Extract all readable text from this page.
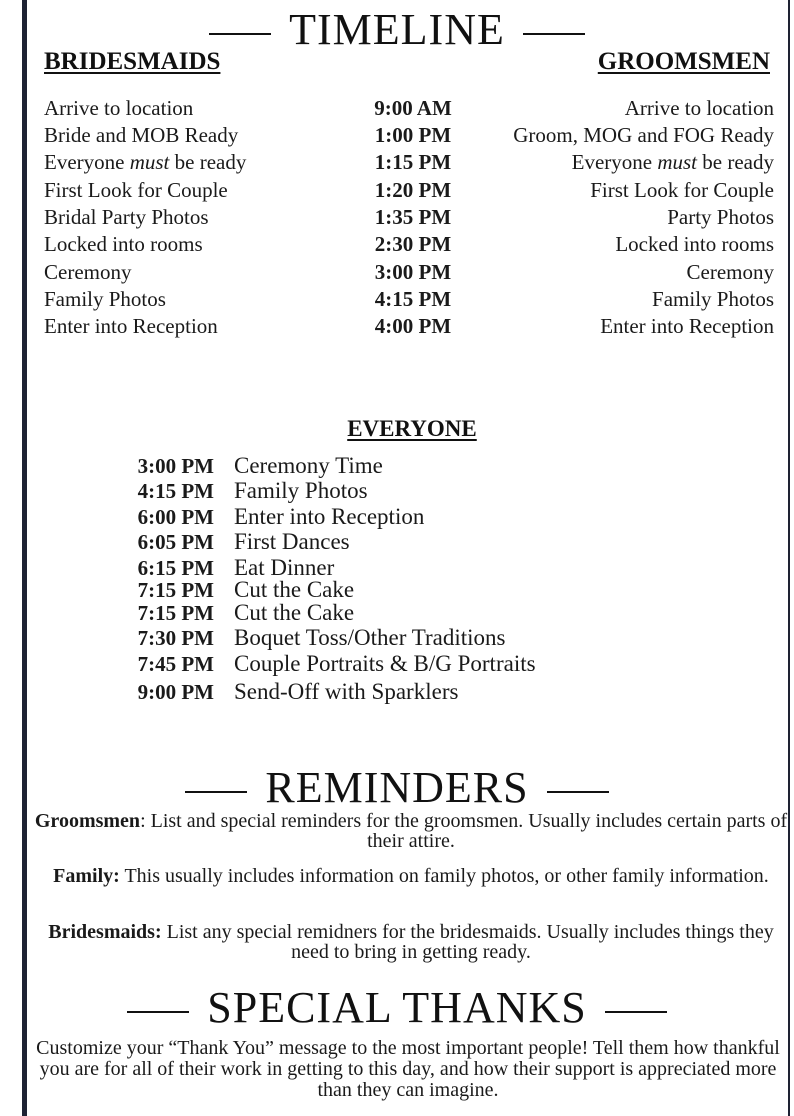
TIMELINE
BRIDESMAIDS	GROOMSMEN
Arrive to location	9:00 AM	Arrive to location
Bride and MOB Ready	1:00 PM	Groom, MOG and FOG Ready
Everyone must be ready	1:15 PM	Everyone must be ready
First Look for Couple	1:20 PM	First Look for Couple
Bridal Party Photos	1:35 PM	Party Photos
Locked into rooms	2:30 PM	Locked into rooms
Ceremony	3:00 PM	Ceremony
Family Photos	4:15 PM	Family Photos
Enter into Reception	4:00 PM	Enter into Reception
EVERYONE
3:00 PM Ceremony Time
4:15 PM Family Photos
6:00 PM Enter into Reception
6:05 PM First Dances
6:15 PM Eat Dinner
7:15 PM Cut the Cake
7:15 PM Cut the Cake
7:30 PM Boquet Toss/Other Traditions
7:45 PM Couple Portraits & B/G Portraits
9:00 PM Send-Off with Sparklers
REMINDERS
Groomsmen: List and special reminders for the groomsmen. Usually includes certain parts of their attire.
Family: This usually includes information on family photos, or other family information.
Bridesmaids: List any special remidners for the bridesmaids. Usually includes things they need to bring in getting ready.
SPECIAL THANKS
Customize your “Thank You” message to the most important people! Tell them how thankful you are for all of their work in getting to this day, and how their support is appreciated more than they can imagine.
